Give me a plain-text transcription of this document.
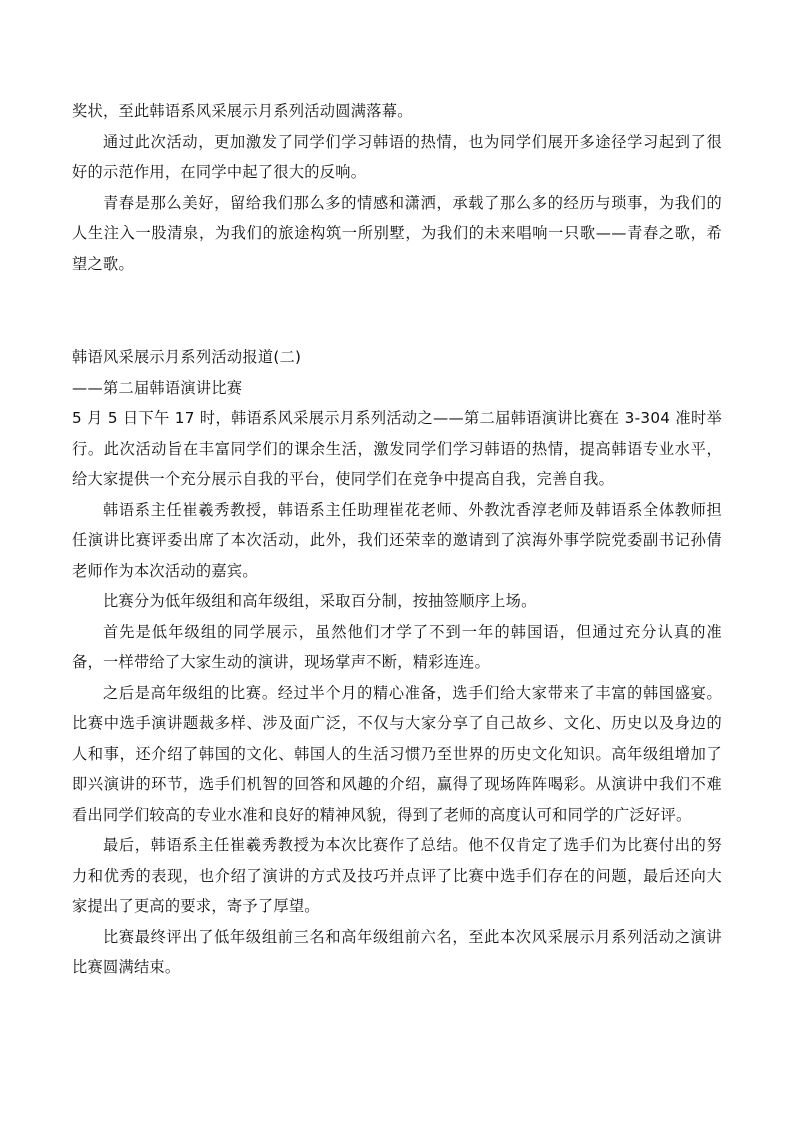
奖状，至此韩语系风采展示月系列活动圆满落幕。

通过此次活动，更加激发了同学们学习韩语的热情，也为同学们展开多途径学习起到了很好的示范作用，在同学中起了很大的反响。

青春是那么美好，留给我们那么多的情感和潇洒，承载了那么多的经历与琐事，为我们的人生注入一股清泉，为我们的旅途构筑一所别墅，为我们的未来唱响一只歌——青春之歌，希望之歌。

韩语风采展示月系列活动报道(二)

——第二届韩语演讲比赛

5 月 5 日下午 17 时，韩语系风采展示月系列活动之——第二届韩语演讲比赛在 3-304 准时举行。此次活动旨在丰富同学们的课余生活，激发同学们学习韩语的热情，提高韩语专业水平，给大家提供一个充分展示自我的平台，使同学们在竞争中提高自我，完善自我。

韩语系主任崔羲秀教授，韩语系主任助理崔花老师、外教沈香淳老师及韩语系全体教师担任演讲比赛评委出席了本次活动，此外，我们还荣幸的邀请到了滨海外事学院党委副书记孙倩老师作为本次活动的嘉宾。

比赛分为低年级组和高年级组，采取百分制，按抽签顺序上场。

首先是低年级组的同学展示，虽然他们才学了不到一年的韩国语，但通过充分认真的准备，一样带给了大家生动的演讲，现场掌声不断，精彩连连。

之后是高年级组的比赛。经过半个月的精心准备，选手们给大家带来了丰富的韩国盛宴。比赛中选手演讲题裁多样、涉及面广泛，不仅与大家分享了自己故乡、文化、历史以及身边的人和事，还介绍了韩国的文化、韩国人的生活习惯乃至世界的历史文化知识。高年级组增加了即兴演讲的环节，选手们机智的回答和风趣的介绍，赢得了现场阵阵喝彩。从演讲中我们不难看出同学们较高的专业水准和良好的精神风貌，得到了老师的高度认可和同学的广泛好评。

最后，韩语系主任崔羲秀教授为本次比赛作了总结。他不仅肯定了选手们为比赛付出的努力和优秀的表现，也介绍了演讲的方式及技巧并点评了比赛中选手们存在的问题，最后还向大家提出了更高的要求，寄予了厚望。

比赛最终评出了低年级组前三名和高年级组前六名，至此本次风采展示月系列活动之演讲比赛圆满结束。
